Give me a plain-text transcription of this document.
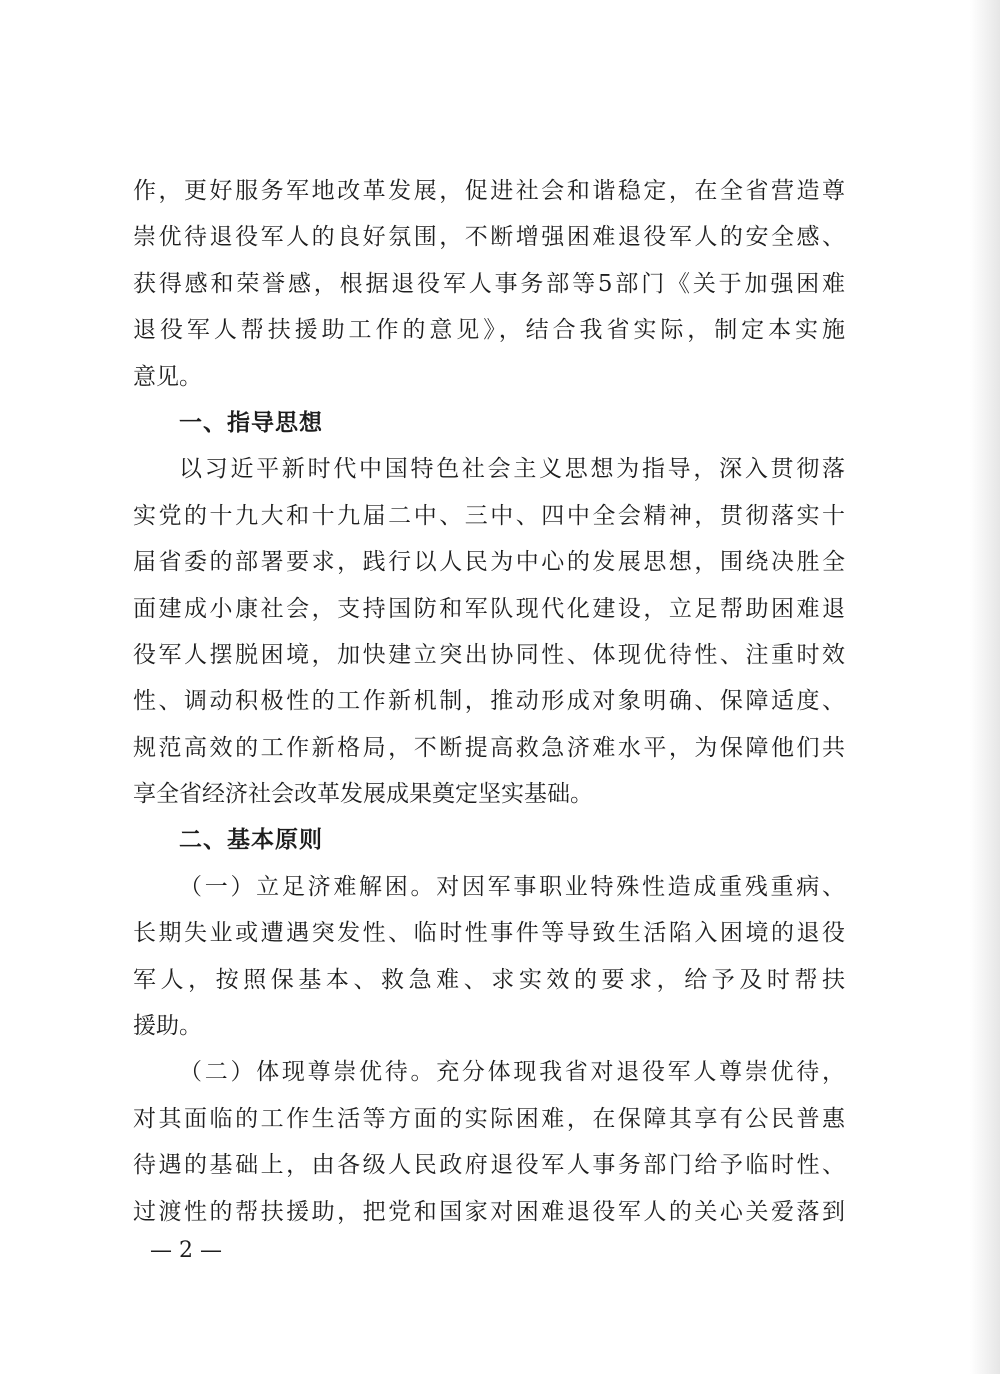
作，更好服务军地改革发展，促进社会和谐稳定，在全省营造尊
崇优待退役军人的良好氛围，不断增强困难退役军人的安全感、
获得感和荣誉感，根据退役军人事务部等5部门《关于加强困难
退役军人帮扶援助工作的意见》，结合我省实际，制定本实施
意见。
一、指导思想
以习近平新时代中国特色社会主义思想为指导，深入贯彻落
实党的十九大和十九届二中、三中、四中全会精神，贯彻落实十
届省委的部署要求，践行以人民为中心的发展思想，围绕决胜全
面建成小康社会，支持国防和军队现代化建设，立足帮助困难退
役军人摆脱困境，加快建立突出协同性、体现优待性、注重时效
性、调动积极性的工作新机制，推动形成对象明确、保障适度、
规范高效的工作新格局，不断提高救急济难水平，为保障他们共
享全省经济社会改革发展成果奠定坚实基础。
二、基本原则
（一）立足济难解困。对因军事职业特殊性造成重残重病、
长期失业或遭遇突发性、临时性事件等导致生活陷入困境的退役
军人，按照保基本、救急难、求实效的要求，给予及时帮扶
援助。
（二）体现尊崇优待。充分体现我省对退役军人尊崇优待，
对其面临的工作生活等方面的实际困难，在保障其享有公民普惠
待遇的基础上，由各级人民政府退役军人事务部门给予临时性、
过渡性的帮扶援助，把党和国家对困难退役军人的关心关爱落到
— 2 —
